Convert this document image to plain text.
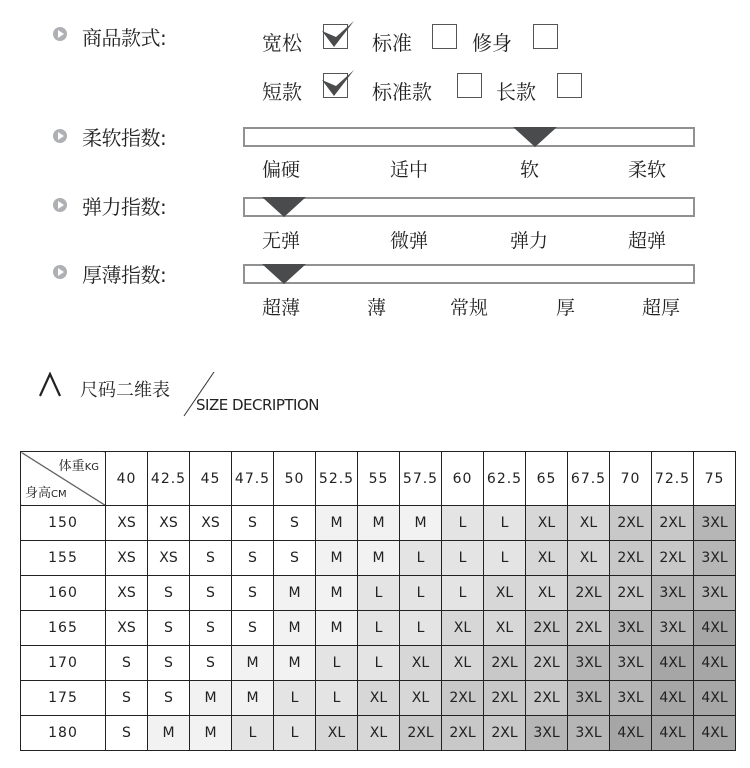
商品款式:	宽松	标准	修身
短款	标准款	长款
柔软指数:
偏硬	适中	软	柔软
弹力指数:
无弹	微弹	弹力	超弹
厚薄指数:
超薄	薄	常规	厚	超厚
尺码二维表
SIZE DECRIPTION
体重KG
身高CM	40	42.5	45	47.5	50	52.5	55	57.5	60	62.5	65	67.5	70	72.5	75
150	XS	XS	XS	S	S	M	M	M	L	L	XL	XL	2XL	2XL	3XL
155	XS	XS	S	S	S	M	M	L	L	L	XL	XL	2XL	2XL	3XL
160	XS	S	S	S	M	M	L	L	L	XL	XL	2XL	2XL	3XL	3XL
165	XS	S	S	S	M	M	L	L	XL	XL	2XL	2XL	3XL	3XL	4XL
170	S	S	S	M	M	L	L	XL	XL	2XL	2XL	3XL	3XL	4XL	4XL
175	S	S	M	M	L	L	XL	XL	2XL	2XL	2XL	3XL	3XL	4XL	4XL
180	S	M	M	L	L	XL	XL	2XL	2XL	2XL	3XL	3XL	4XL	4XL	4XL
